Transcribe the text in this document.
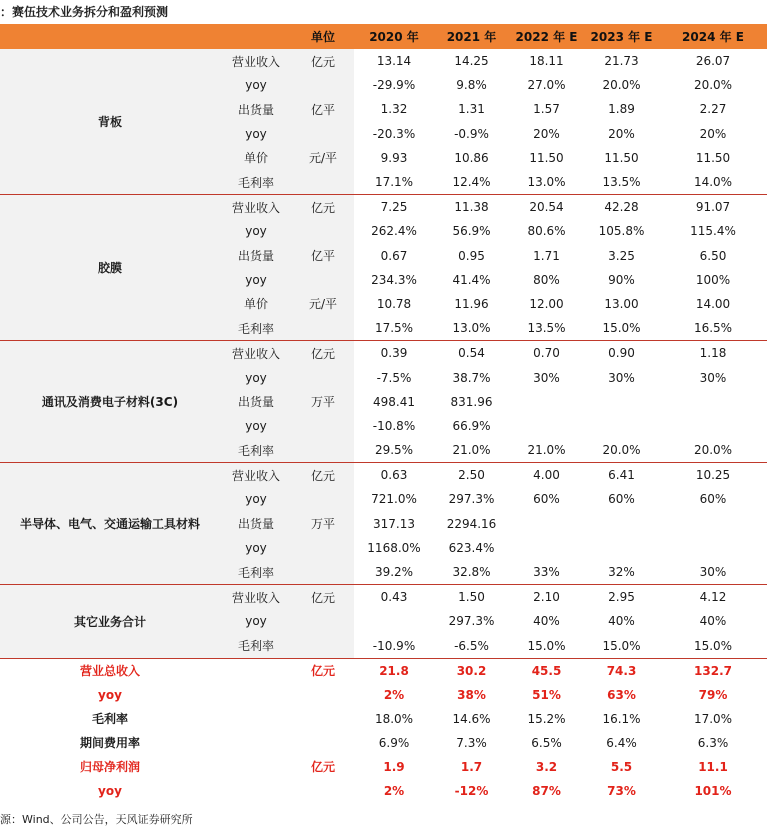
：赛伍技术业务拆分和盈利预测
		单位	2020 年	2021 年	2022 年 E	2023 年 E	2024 年 E
背板	营业收入	亿元	13.14	14.25	18.11	21.73	26.07
	yoy		-29.9%	9.8%	27.0%	20.0%	20.0%
	出货量	亿平	1.32	1.31	1.57	1.89	2.27
	yoy		-20.3%	-0.9%	20%	20%	20%
	单价	元/平	9.93	10.86	11.50	11.50	11.50
	毛利率		17.1%	12.4%	13.0%	13.5%	14.0%
胶膜	营业收入	亿元	7.25	11.38	20.54	42.28	91.07
	yoy		262.4%	56.9%	80.6%	105.8%	115.4%
	出货量	亿平	0.67	0.95	1.71	3.25	6.50
	yoy		234.3%	41.4%	80%	90%	100%
	单价	元/平	10.78	11.96	12.00	13.00	14.00
	毛利率		17.5%	13.0%	13.5%	15.0%	16.5%
通讯及消费电子材料(3C)	营业收入	亿元	0.39	0.54	0.70	0.90	1.18
	yoy		-7.5%	38.7%	30%	30%	30%
	出货量	万平	498.41	831.96			
	yoy		-10.8%	66.9%			
	毛利率		29.5%	21.0%	21.0%	20.0%	20.0%
半导体、电气、交通运输工具材料	营业收入	亿元	0.63	2.50	4.00	6.41	10.25
	yoy		721.0%	297.3%	60%	60%	60%
	出货量	万平	317.13	2294.16			
	yoy		1168.0%	623.4%			
	毛利率		39.2%	32.8%	33%	32%	30%
其它业务合计	营业收入	亿元	0.43	1.50	2.10	2.95	4.12
	yoy			297.3%	40%	40%	40%
	毛利率		-10.9%	-6.5%	15.0%	15.0%	15.0%
营业总收入		亿元	21.8	30.2	45.5	74.3	132.7
yoy			2%	38%	51%	63%	79%
毛利率			18.0%	14.6%	15.2%	16.1%	17.0%
期间费用率			6.9%	7.3%	6.5%	6.4%	6.3%
归母净利润		亿元	1.9	1.7	3.2	5.5	11.1
yoy			2%	-12%	87%	73%	101%
源：Wind、公司公告，天风证券研究所
